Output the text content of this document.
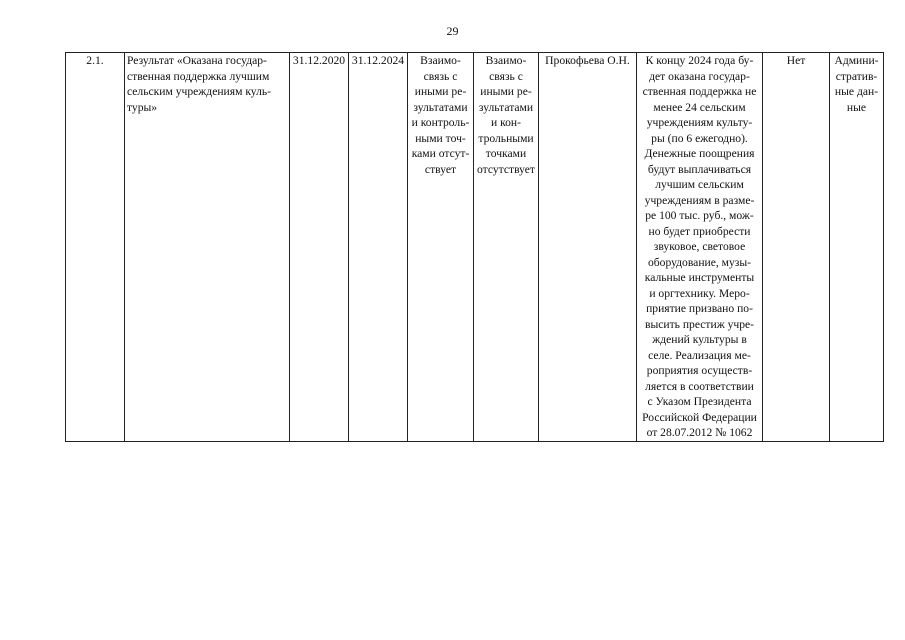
29
2.1.	Результат «Оказана государ-
ственная поддержка лучшим
сельским учреждениям куль-
туры»	31.12.2020	31.12.2024	Взаимо-
связь с
иными ре-
зультатами
и контроль-
ными точ-
ками отсут-
ствует	Взаимо-
связь с
иными ре-
зультатами
и кон-
трольными
точками
отсутствует	Прокофьева О.Н.	К концу 2024 года бу-
дет оказана государ-
ственная поддержка не
менее 24 сельским
учреждениям культу-
ры (по 6 ежегодно).
Денежные поощрения
будут выплачиваться
лучшим сельским
учреждениям в разме-
ре 100 тыс. руб., мож-
но будет приобрести
звуковое, световое
оборудование, музы-
кальные инструменты
и оргтехнику. Меро-
приятие призвано по-
высить престиж учре-
ждений культуры в
селе. Реализация ме-
роприятия осуществ-
ляется в соответствии
с Указом Президента
Российской Федерации
от 28.07.2012 № 1062	Нет	Админи-
стратив-
ные дан-
ные
